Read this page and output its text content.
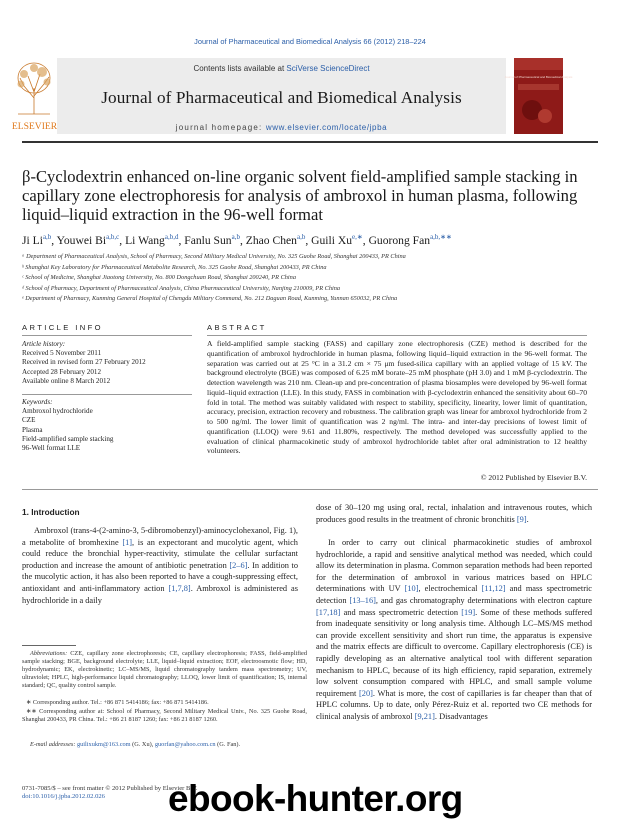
Journal of Pharmaceutical and Biomedical Analysis 66 (2012) 218–224
ELSEVIER
Contents lists available at SciVerse ScienceDirect
Journal of Pharmaceutical and Biomedical Analysis
journal homepage: www.elsevier.com/locate/jpba
Journal of Pharmaceutical and Biomedical Analysis
β-Cyclodextrin enhanced on-line organic solvent field-amplified sample stacking in capillary zone electrophoresis for analysis of ambroxol in human plasma, following liquid–liquid extraction in the 96-well format
Ji Li$^{a,b}$, Youwei Bi$^{a,b,c}$, Li Wang$^{a,b,d}$, Fanlu Sun$^{a,b}$, Zhao Chen$^{a,b}$, Guili $Xu^{e,∗}$, Guorong Fan$^{a,b,∗∗}$
ᵃ Department of Pharmaceutical Analysis, School of Pharmacy, Second Military Medical University, No. 325 Guohe Road, Shanghai 200433, PR China
ᵇ Shanghai Key Laboratory for Pharmaceutical Metabolite Research, No. 325 Guohe Road, Shanghai 200433, PR China
ᶜ School of Medicine, Shanghai Jiaotong University, No. 800 Dongchuan Road, Shanghai 200240, PR China
ᵈ School of Pharmacy, Department of Pharmaceutical Analysis, China Pharmaceutical University, Nanjing 210009, PR China
ᵉ Department of Pharmacy, Kunming General Hospital of Chengdu Military Command, No. 212 Daguan Road, Kunming, Yunnan 650032, PR China
ARTICLE INFO
Article history:
Received 5 November 2011
Received in revised form 27 February 2012
Accepted 28 February 2012
Available online 8 March 2012
Keywords:
Ambroxol hydrochloride
CZE
Plasma
Field-amplified sample stacking
96-Well format LLE
ABSTRACT
A field-amplified sample stacking (FASS) and capillary zone electrophoresis (CZE) method is described for the quantification of ambroxol hydrochloride in human plasma, following liquid–liquid extraction in the 96-well format. The separation was carried out at 25 °C in a 31.2 cm × 75 μm fused-silica capillary with an applied voltage of 15 kV. The background electrolyte (BGE) was composed of 6.25 mM borate–25 mM phosphate (pH 3.0) and 1 mM β-cyclodextrin. The detection wavelength was 210 nm. Clean-up and pre-concentration of plasma biosamples were developed by 96-well format liquid–liquid extraction (LLE). In this study, FASS in combination with β-cyclodextrin enhanced the sensitivity about 60–70 fold in total. The method was suitably validated with respect to stability, specificity, linearity, lower limit of quantitation, accuracy, precision, extraction recovery and robustness. The calibration graph was linear for ambroxol hydrochloride from 2 to 500 ng/ml. The lower limit of quantification was 2 ng/ml. The intra- and inter-day precisions of lowest limit of quantification (LLOQ) were 9.61 and 11.80%, respectively. The method developed was successfully applied to the evaluation of clinical pharmacokinetic study of ambroxol hydrochloride tablet after oral administration to 12 healthy volunteers.
© 2012 Published by Elsevier B.V.
1. Introduction
Ambroxol (trans-4-(2-amino-3, 5-dibromobenzyl)-aminocyclohexanol, Fig. 1), a metabolite of bromhexine [1], is an expectorant and mucolytic agent, which could reduce the bronchial hyper-reactivity, stimulate the cellular surfactant production and increase the amount of antibiotic penetration [2–6]. In addition to the mucolytic action, it has also been reported to have a cough-suppressing effect, antioxidant and anti-inflammatory action [1,7,8]. Ambroxol is administered as hydrochloride in a daily
Abbreviations: CZE, capillary zone electrophoresis; CE, capillary electrophoresis; FASS, field-amplified sample stacking; BGE, background electrolyte; LLE, liquid–liquid extraction; EOF, electroosmotic flow; HD, hydrodynamic; EK, electrokinetic; LC–MS/MS, liquid chromatography tandem mass spectrometry; UV, ultraviolet; HPLC, high-performance liquid chromatography; LLOQ, lower limit of quantification; IS, internal standard; QC, quality control sample.
∗ Corresponding author. Tel.: +86 871 5414186; fax: +86 871 5414186.
∗∗ Corresponding author at: School of Pharmacy, Second Military Medical Univ., No. 325 Guohe Road, Shanghai 200433, PR China. Tel.: +86 21 8187 1260; fax: +86 21 8187 1260.
E-mail addresses: guilixukm@163.com (G. Xu), guorfan@yahoo.com.cn (G. Fan).
0731-7085/$ – see front matter © 2012 Published by Elsevier B.V.
doi:10.1016/j.jpba.2012.02.026
dose of 30–120 mg using oral, rectal, inhalation and intravenous routes, which produces good results in the treatment of chronic bronchitis [9].
In order to carry out clinical pharmacokinetic studies of ambroxol hydrochloride, a rapid and sensitive analytical method was needed, which could allow its determination in plasma. Common separation methods had been reported for the determination of ambroxol in various matrices based on HPLC determinations with UV [10], electrochemical [11,12] and mass spectrometric detection [13–16], and gas chromatography determinations with electron capture [17,18] and mass spectrometric detection [19]. Some of these methods suffered from inadequate sensitivity or long analysis time. Although LC–MS/MS method can provide excellent sensitivity and short run time, the apparatus is expensive and the matrix effects are difficult to overcome. Capillary electrophoresis (CE) is rapidly developing as an alternative analytical tool with different separation mechanism to HPLC, because of its high efficiency, rapid separation, extremely low solvent consumption compared with HPLC, and small sample volume requirement [20]. What is more, the cost of capillaries is far cheaper than that of HPLC columns. Up to date, only Pérez-Ruiz et al. reported two CE methods for clinical analysis of ambroxol [9,21]. Disadvantages
ebook-hunter.org
